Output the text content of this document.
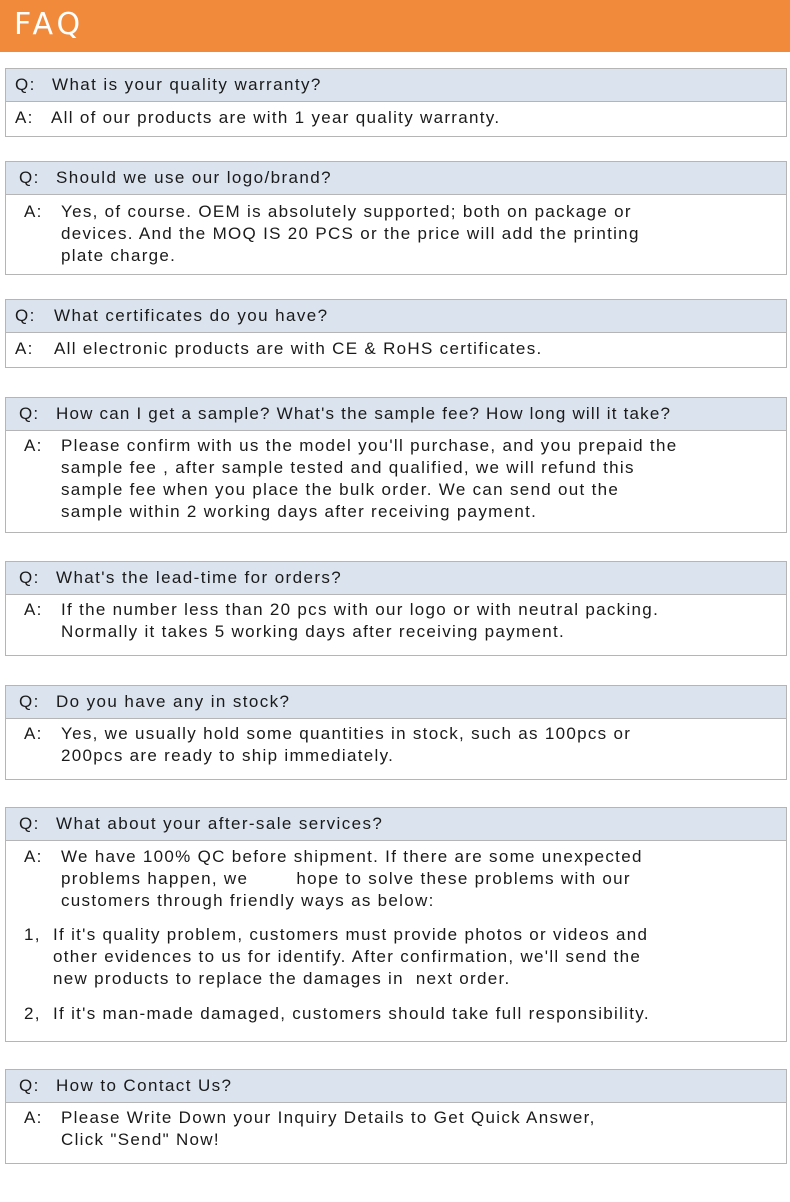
FAQ
Q: What is your quality warranty?
A: All of our products are with 1 year quality warranty.
Q: Should we use our logo/brand?
A: Yes, of course. OEM is absolutely supported; both on package or
devices. And the MOQ IS 20 PCS or the price will add the printing
plate charge.
Q:	What certificates do you have?
A: All electronic products are with CE & RoHS certificates.
Q: How can I get a sample? What's the sample fee? How long will it take?
A: Please confirm with us the model you'll purchase, and you prepaid the
sample fee , after sample tested and qualified, we will refund this
sample fee when you place the bulk order. We can send out the
sample within 2 working days after receiving payment.
Q: What's the lead-time for orders?
A: If the number less than 20 pcs with our logo or with neutral packing.
Normally it takes 5 working days after receiving payment.
Q: Do you have any in stock?
A: Yes, we usually hold some quantities in stock, such as 100pcs or
200pcs are ready to ship immediately.
Q: What about your after-sale services?
A: We have 100% QC before shipment. If there are some unexpected
problems happen, we        hope to solve these problems with our
customers through friendly ways as below:
1, If it's quality problem, customers must provide photos or videos and
other evidences to us for identify. After confirmation, we'll send the
new products to replace the damages in  next order.
2, If it's man-made damaged, customers should take full responsibility.
Q: How to Contact Us?
A: Please Write Down your Inquiry Details to Get Quick Answer,
Click "Send" Now!
